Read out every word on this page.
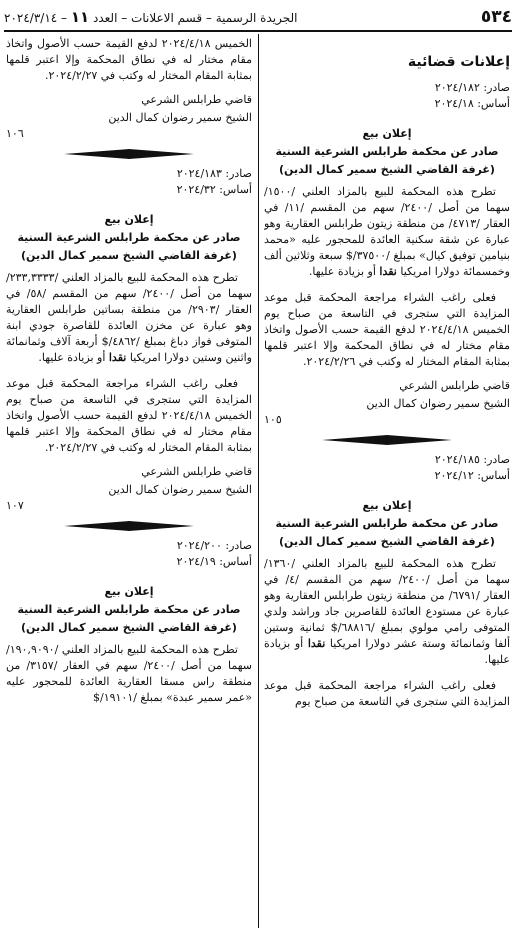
٥٣٤
الجريدة الرسمية – قسم الاعلانات – العدد ١١ – ٢٠٢٤/٣/١٤
إعلانات قضائية

صادر: ٢٠٢٤/١٨٢

أساس: ٢٠٢٤/١٨

إعلان بيع
صادر عن محكمة طرابلس الشرعية السنية
(غرفة القاضي الشيخ سمير كمال الدين)

تطرح هذه المحكمة للبيع بالمزاد العلني /١٥٠٠/ سهما من أصل /٢٤٠٠/ سهم من المقسم /١١/ في العقار /٤٧١٣/ من منطقة زيتون طرابلس العقارية وهو عبارة عن شقة سكنية العائدة للمحجور عليه «محمد بنيامين توفيق كيال» بمبلغ /٣٧٥٠٠/$ سبعة وثلاثين ألف وخمسمائة دولارا امريكيا نقدا أو بزيادة عليها.

فعلى راغب الشراء مراجعة المحكمة قبل موعد المزايدة التي ستجرى في التاسعة من صباح يوم الخميس ٢٠٢٤/٤/١٨ لدفع القيمة حسب الأصول واتخاذ مقام مختار له في نطاق المحكمة وإلا اعتبر قلمها بمثابة المقام المختار له وكتب في ٢٠٢٤/٢/٢٦.

قاضي طرابلس الشرعي

الشيخ سمير رضوان كمال الدين

١٠٥

صادر: ٢٠٢٤/١٨٥

أساس: ٢٠٢٤/١٢

إعلان بيع
صادر عن محكمة طرابلس الشرعية السنية
(غرفة القاضي الشيخ سمير كمال الدين)

تطرح هذه المحكمة للبيع بالمزاد العلني /١٣٦٠/ سهما من أصل /٢٤٠٠/ سهم من المقسم /٤/ في العقار /٦٧٩١/ من منطقة زيتون طرابلس العقارية وهو عبارة عن مستودع العائدة للقاصرين جاد وراشد ولدي المتوفى رامي مولوي بمبلغ /٦٨٨١٦/$ ثمانية وستين ألفا وثمانمائة وستة عشر دولارا امريكيا نقدا أو بزيادة عليها.

فعلى راغب الشراء مراجعة المحكمة قبل موعد المزايدة التي ستجرى في التاسعة من صباح يوم

الخميس ٢٠٢٤/٤/١٨ لدفع القيمة حسب الأصول واتخاذ مقام مختار له في نطاق المحكمة وإلا اعتبر قلمها بمثابة المقام المختار له وكتب في ٢٠٢٤/٢/٢٧.

قاضي طرابلس الشرعي

الشيخ سمير رضوان كمال الدين

١٠٦

صادر: ٢٠٢٤/١٨٣

أساس: ٢٠٢٤/٣٢

إعلان بيع
صادر عن محكمة طرابلس الشرعية السنية
(غرفة القاضي الشيخ سمير كمال الدين)

تطرح هذه المحكمة للبيع بالمزاد العلني /٢٣٣,٣٣٣٣/ سهما من أصل /٢٤٠٠/ سهم من المقسم /٥٨/ في العقار /٢٩٠٣/ من منطقة بساتين طرابلس العقارية وهو عبارة عن مخزن العائدة للقاصرة جودي ابنة المتوفى فواز دباغ بمبلغ /٤٨٦٢/$ أربعة آلاف وثمانمائة واثنين وستين دولارا امريكيا نقدا أو بزيادة عليها.

فعلى راغب الشراء مراجعة المحكمة قبل موعد المزايدة التي ستجرى في التاسعة من صباح يوم الخميس ٢٠٢٤/٤/١٨ لدفع القيمة حسب الأصول واتخاذ مقام مختار له في نطاق المحكمة وإلا اعتبر قلمها بمثابة المقام المختار له وكتب في ٢٠٢٤/٢/٢٧.

قاضي طرابلس الشرعي

الشيخ سمير رضوان كمال الدين

١٠٧

صادر: ٢٠٢٤/٢٠٠

أساس: ٢٠٢٤/١٩

إعلان بيع
صادر عن محكمة طرابلس الشرعية السنية
(غرفة القاضي الشيخ سمير كمال الدين)

تطرح هذه المحكمة للبيع بالمزاد العلني /١٩٠,٩٠٩٠/ سهما من أصل /٢٤٠٠/ سهم في العقار /٣١٥٧/ من منطقة راس مسقا العقارية العائدة للمحجور عليه «عمر سمير عبدة» بمبلغ /١٩١٠١/$
